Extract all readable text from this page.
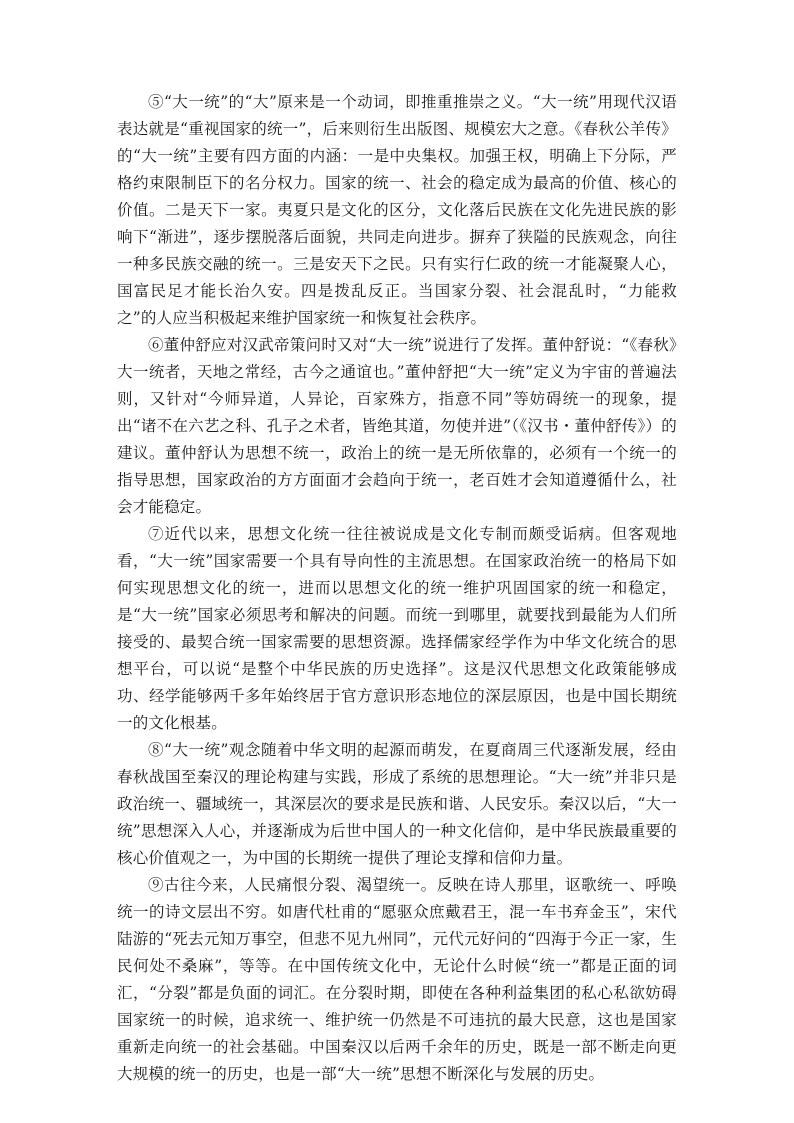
⑤“大一统”的“大”原来是一个动词，即推重推崇之义。“大一统”用现代汉语表达就是“重视国家的统一”，后来则衍生出版图、规模宏大之意。《春秋公羊传》的“大一统”主要有四方面的内涵：一是中央集权。加强王权，明确上下分际，严格约束限制臣下的名分权力。国家的统一、社会的稳定成为最高的价值、核心的价值。二是天下一家。夷夏只是文化的区分，文化落后民族在文化先进民族的影响下“渐进”，逐步摆脱落后面貌，共同走向进步。摒弃了狭隘的民族观念，向往一种多民族交融的统一。三是安天下之民。只有实行仁政的统一才能凝聚人心，国富民足才能长治久安。四是拨乱反正。当国家分裂、社会混乱时，“力能救之”的人应当积极起来维护国家统一和恢复社会秩序。

⑥董仲舒应对汉武帝策问时又对“大一统”说进行了发挥。董仲舒说：“《春秋》大一统者，天地之常经，古今之通谊也。”董仲舒把“大一统”定义为宇宙的普遍法则，又针对“今师异道，人异论，百家殊方，指意不同”等妨碍统一的现象，提出“诸不在六艺之科、孔子之术者，皆绝其道，勿使并进”（《汉书・董仲舒传》）的建议。董仲舒认为思想不统一，政治上的统一是无所依靠的，必须有一个统一的指导思想，国家政治的方方面面才会趋向于统一，老百姓才会知道遵循什么，社会才能稳定。

⑦近代以来，思想文化统一往往被说成是文化专制而颇受诟病。但客观地看，“大一统”国家需要一个具有导向性的主流思想。在国家政治统一的格局下如何实现思想文化的统一，进而以思想文化的统一维护巩固国家的统一和稳定，是“大一统”国家必须思考和解决的问题。而统一到哪里，就要找到最能为人们所接受的、最契合统一国家需要的思想资源。选择儒家经学作为中华文化统合的思想平台，可以说“是整个中华民族的历史选择”。这是汉代思想文化政策能够成功、经学能够两千多年始终居于官方意识形态地位的深层原因，也是中国长期统一的文化根基。

⑧“大一统”观念随着中华文明的起源而萌发，在夏商周三代逐渐发展，经由春秋战国至秦汉的理论构建与实践，形成了系统的思想理论。“大一统”并非只是政治统一、疆域统一，其深层次的要求是民族和谐、人民安乐。秦汉以后，“大一统”思想深入人心，并逐渐成为后世中国人的一种文化信仰，是中华民族最重要的核心价值观之一，为中国的长期统一提供了理论支撑和信仰力量。

⑨古往今来，人民痛恨分裂、渴望统一。反映在诗人那里，讴歌统一、呼唤统一的诗文层出不穷。如唐代杜甫的“愿驱众庶戴君王，混一车书弃金玉”，宋代陆游的“死去元知万事空，但悲不见九州同”，元代元好问的“四海于今正一家，生民何处不桑麻”，等等。在中国传统文化中，无论什么时候“统一”都是正面的词汇，“分裂”都是负面的词汇。在分裂时期，即使在各种利益集团的私心私欲妨碍国家统一的时候，追求统一、维护统一仍然是不可违抗的最大民意，这也是国家重新走向统一的社会基础。中国秦汉以后两千余年的历史，既是一部不断走向更大规模的统一的历史，也是一部“大一统”思想不断深化与发展的历史。
